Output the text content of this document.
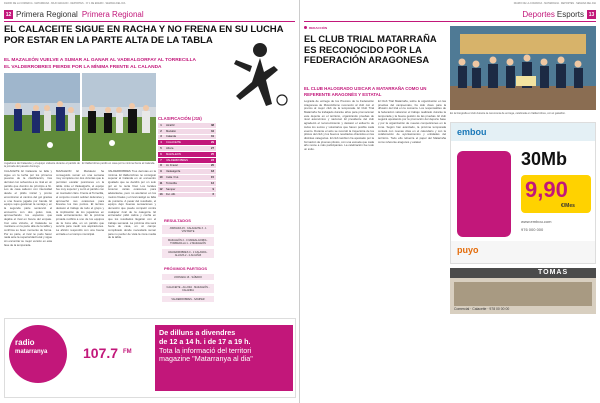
DIARIO DE LA COMARCA · MATARRAÑA · BAJO ARAGÓN · DEPORTES · Nº 1 DE ENERO · SEMANA DEL DÍA
12 Primera Regional Primera Regional
EL CALACEITE SIGUE EN RACHA Y NO FRENA EN SU LUCHA POR ESTAR EN LA PARTE ALTA DE LA TABLA
EL MAZALEÓN VUELVE A SUMAR AL GANAR AL VADEALGORFAY AL TORRECILLA
EL VALDERROBRES PIERDE POR LA MÍNIMA FRENTE AL CALANDA
Jugadores del Calaceite y el equipo visitante durante el partido de la jornada del pasado domingo.
El Valderrobres perdió en casa por la mínima frente al Calanda.
CLASIFICACIÓN (J15)
1	Alcañiz	38
2	Mazalón	34
3	Calanda	31
4	CALACEITE	29
5	Alloza	27
6	MAZALEÓN	25
7	VALDERROBRES	23
8	At. Fraval	20
9	Vadealgorfa	18
10	Cella / Fut.	15
11	Torrecilla	12
12	Samper	9
13	Fut. Alb.	6
CALACEITE El Calaceite no falla y sigue en la lucha por los primeros puestos de la clasificación, tras derrotar con solvencia a su rival en un partido que dominó de principio a fin. Los de casa salieron con intensidad desde el pitido inicial y pronto encontraron el camino del gol gracias a una buena jugada por banda. El equipo supo gestionar la ventaja y en la segunda parte sentenció el encuentro con dos goles más, aprovechando los espacios que dejaba el rival en busca del empate. Con esta victoria, el Calaceite se mantiene en la parte alta de la tabla y confirma su buen momento de forma. Por su parte, el rival no pudo hacer nada ante la superioridad local y sigue sin encontrar su mejor versión en esta fase de la temporada.
MAZALEÓN El Mazaleón ha conseguido sumar en una semana muy completa con dos victorias que le permiten escalar posiciones en la tabla. Ante el Vadealgorfa, el equipo fue muy superior y cerró el partido con un marcador claro. Frente al Torrecilla, el conjunto mostró solidez defensiva y aprovechó sus ocasiones para llevarse los tres puntos. El técnico destacó el trabajo de todo el grupo y la implicación de los jugadores en cada entrenamiento. En la próxima jornada recibirá a uno de los equipos de la zona alta, en un partido que servirá para medir sus aspiraciones. La afición respondió con una buena entrada en el campo municipal.
VALDERROBRES Tres derrotas en la mínima. El Valderrobres no consiguió superar al Calanda en un encuentro igualado que se decidió por un solo gol en la recta final. Los locales tuvieron varias ocasiones para adelantarse, pero no acertaron en los metros finales y el rival castigó su falta de puntería. A pesar del resultado, el equipo dejó buenas sensaciones y demostró que puede competir contra cualquier rival de la categoría. El entrenador pidió calma y confía en que los resultados llegarán con el trabajo semanal. La próxima cita será fuera de casa, en un campo complicado donde necesitará sumar para no perder de vista la zona media de la tabla.
RESULTADOS
JORNADA 15 · CALACEITE 3 - 1 VISITANTE
MAZALEÓN 2 - 0 VADEALGORFA · TORRECILLA 1 - 2 MAZALEÓN
VALDERROBRES 0 - 1 CALANDA · ALLOZA 2 - 2 ALCAÑIZ
PRÓXIMOS PARTIDOS
JORNADA 16 · SÁBADO
CALACEITE - ALLOZA · MAZALEÓN - CALANDA
VALDERROBRES - SAMPER
radio
matarranya	107.7 FM
De dilluns a divendres
de 12 a 14 h. i de 17 a 19 h.
Tota la informació del territori
magazine "Matarranya al dia"
DIARIO DE LA COMARCA · MATARRAÑA · DEPORTES · SEMANA DEL DÍA
Deportes Esports 13
REDACCIÓN
EL CLUB TRIAL MATARRAÑA ES RECONOCIDO POR LA FEDERACIÓN ARAGONESA
EL CLUB HALOGRADO USICAR A MATARRAÑA COMO UN REFERENTE ARAGONÉS Y ESTATAL
En la fotografía el club durante la ceremonia de entrega, celebrada en Valderrobres, con el galardón.
Lograda de entrega de los Premios de la Federación Aragonesa de Motociclismo reconoció al club con el premio al mejor club de la temporada. El Club Trial Matarraña ha trabajado durante años para promocionar este deporte en el territorio, organizando pruebas de nivel autonómico y nacional. El presidente del club agradeció el reconocimiento y destacó el esfuerzo de todos los socios y voluntarios que hacen posible cada evento. Durante el acto se recordó la trayectoria de los pilotos del club y los buenos resultados obtenidos en las distintas categorías. El club también ha apostado por la formación de jóvenes pilotos, con una escuela que cada año reúne a más participantes. La celebración fue todo un éxito.
El Club Trial Matarraña, sobre la organización en las pruebas del campeonato, ha sido clave para la difusión del trial en la comarca. Los responsables de la federación valoraron el trabajo realizado durante la temporada y la buena gestión de las pruebas. El club seguirá apostando por la promoción del deporte base y por la organización de nuevas competiciones en la zona. Según han avanzado, la próxima temporada contará con nuevas citas en el calendario y con la colaboración de ayuntamientos y entidades del territorio. Todo ello refuerza el papel del Matarraña como referente aragonés y estatal.
embou
30Mb
9,90
€/Mes
www.embou.com
976 000 000
puyo
TOMAS
Comercial · Calaceite · 978 00 00 00
